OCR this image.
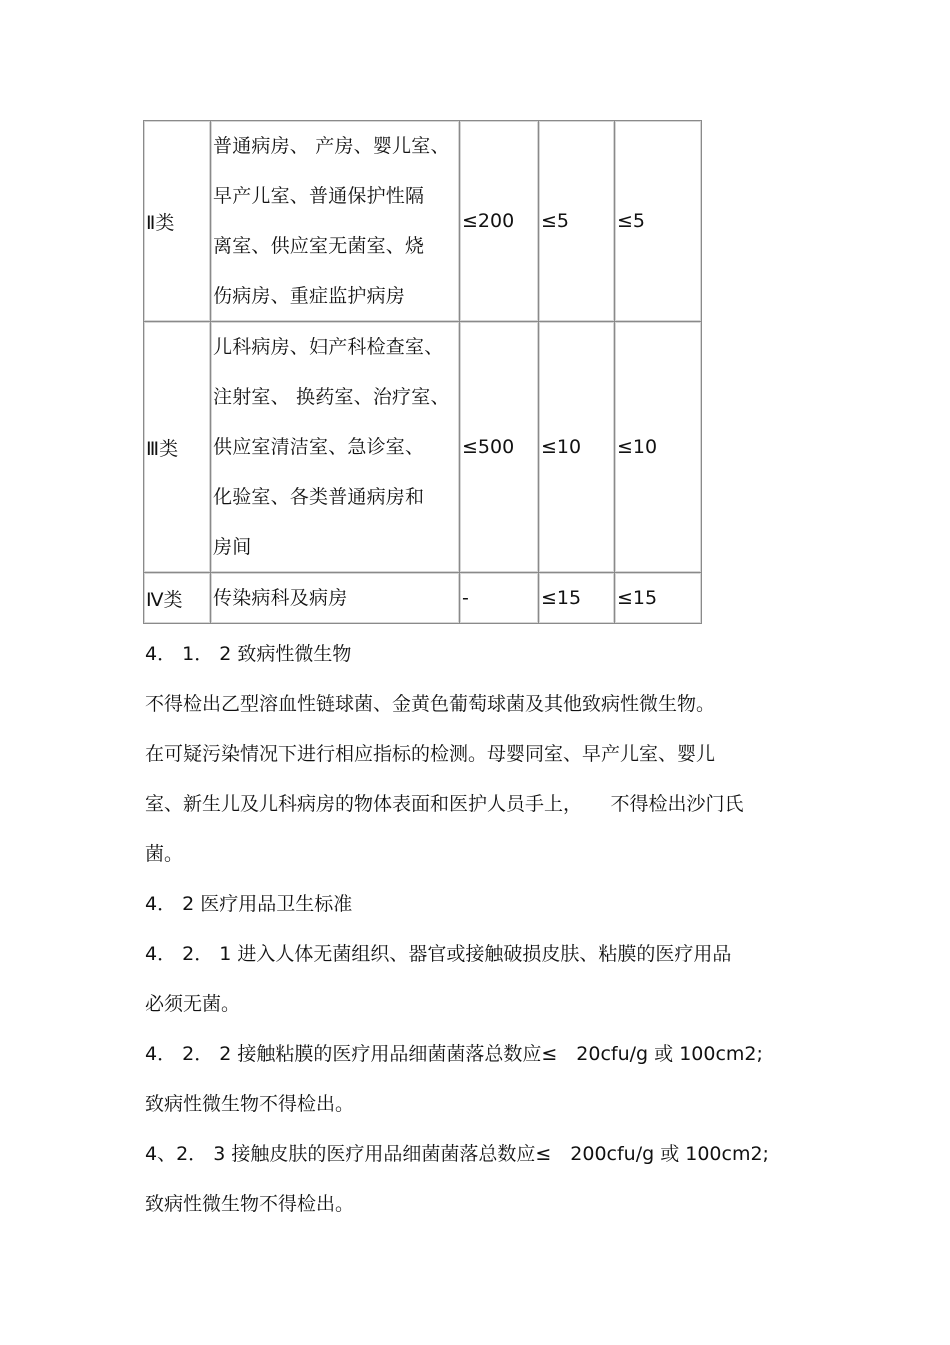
Ⅱ类	普通病房、 产房、婴儿室、
早产儿室、普通保护性隔
离室、供应室无菌室、烧
伤病房、重症监护病房	≤200	≤5	≤5
Ⅲ类	儿科病房、妇产科检查室、
注射室、 换药室、治疗室、
供应室清洁室、急诊室、
化验室、各类普通病房和
房间	≤500	≤10	≤10
Ⅳ类	传染病科及病房	-	≤15	≤15

4． 1． 2 致病性微生物

不得检出乙型溶血性链球菌、金黄色葡萄球菌及其他致病性微生物。

在可疑污染情况下进行相应指标的检测。母婴同室、早产儿室、婴儿

室、新生儿及儿科病房的物体表面和医护人员手上，　　不得检出沙门氏

菌。

4． 2 医疗用品卫生标准

4． 2． 1 进入人体无菌组织、器官或接触破损皮肤、粘膜的医疗用品

必须无菌。

4． 2． 2 接触粘膜的医疗用品细菌菌落总数应≤　20cfu/g 或 100cm2;

致病性微生物不得检出。

4、2． 3 接触皮肤的医疗用品细菌菌落总数应≤　200cfu/g 或 100cm2;

致病性微生物不得检出。
